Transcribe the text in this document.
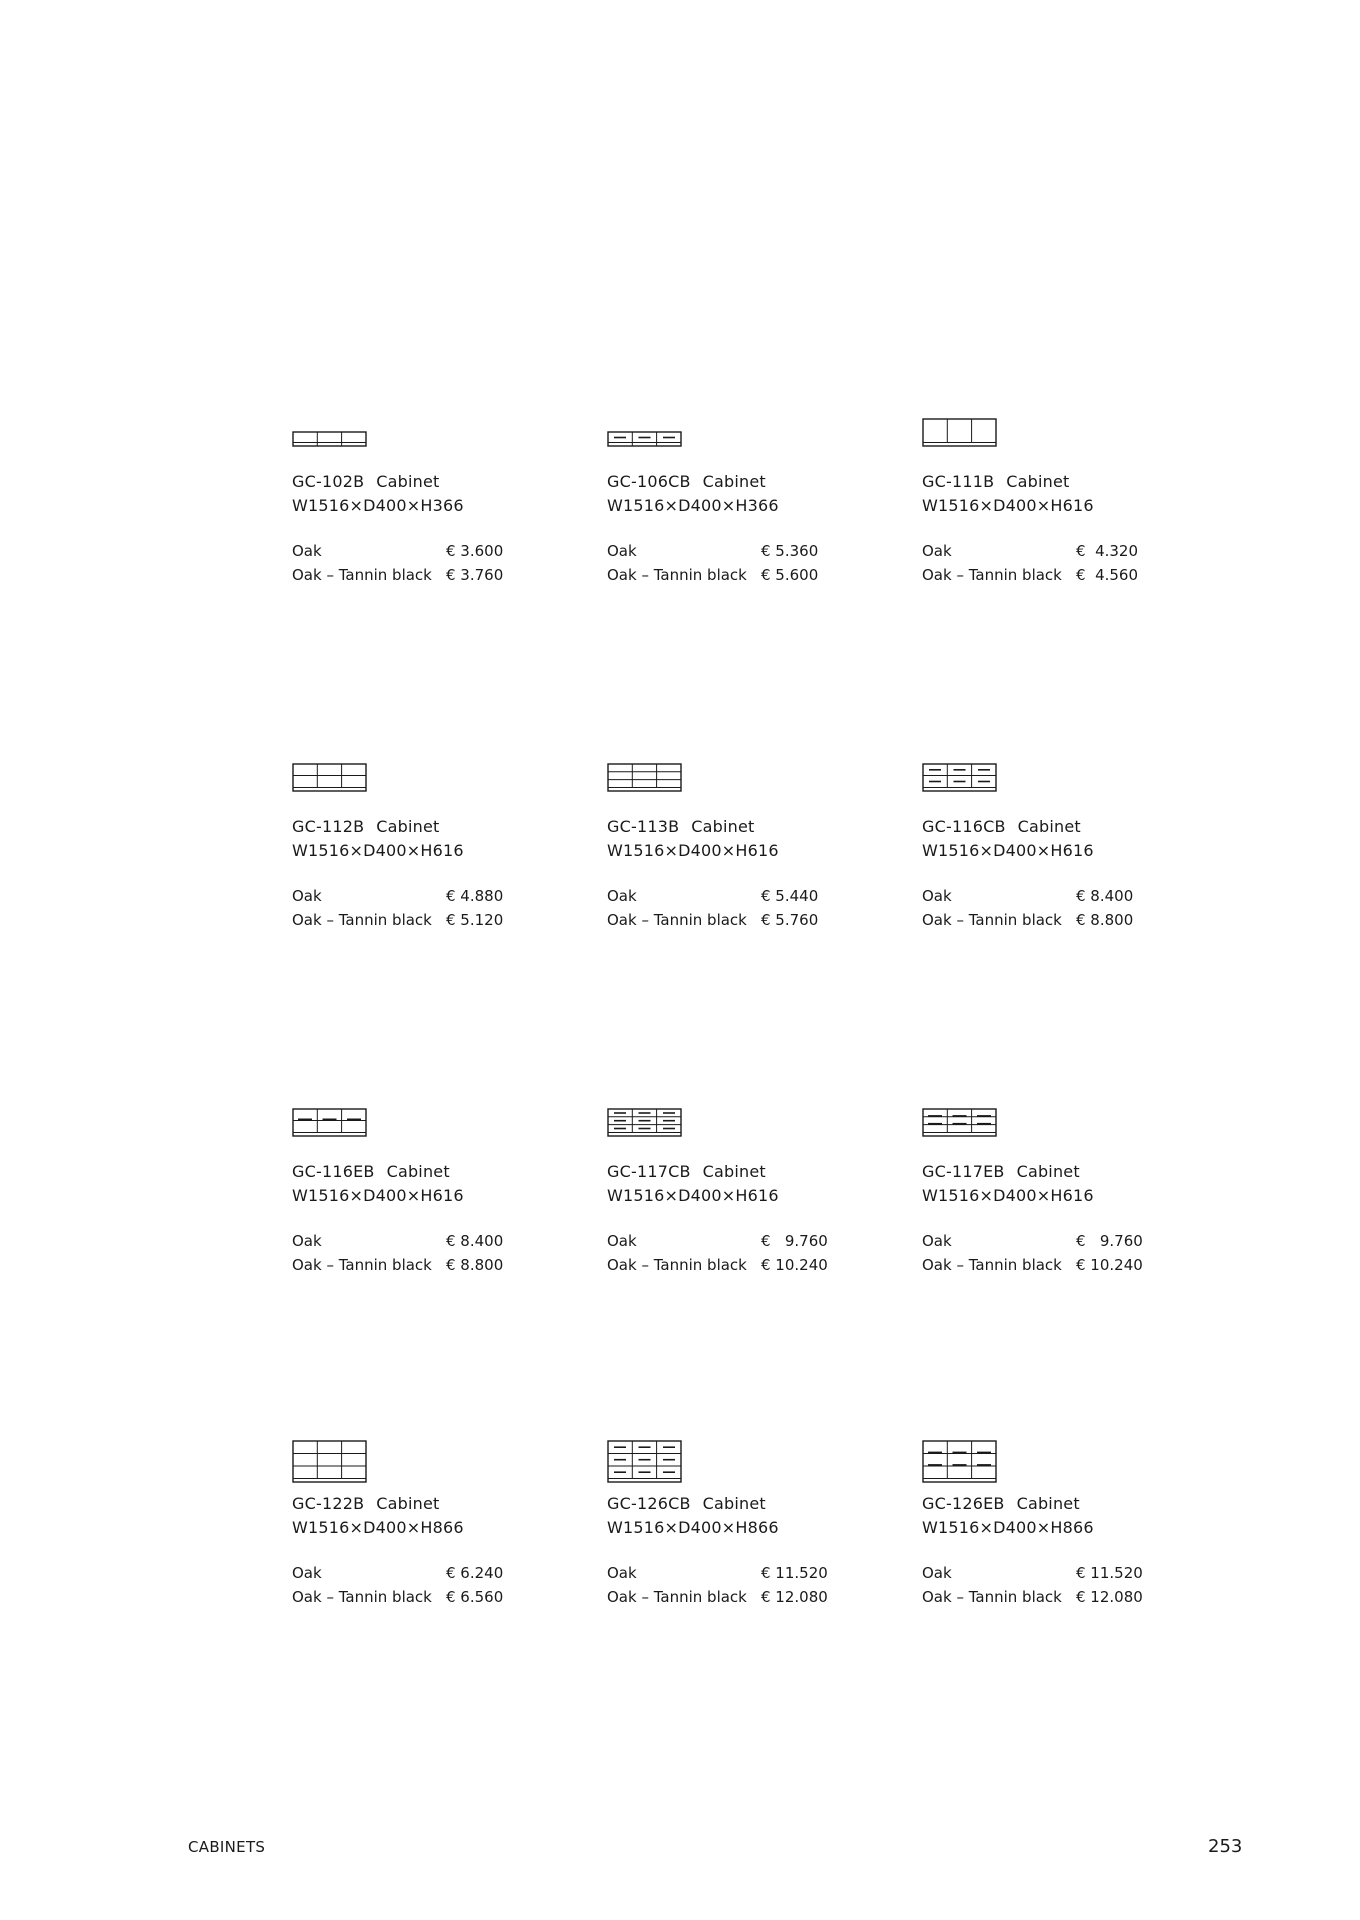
GC-102B Cabinet
W1516×D400×H366
Oak	€ 3.600
Oak – Tannin black € 3.760
GC-106CB Cabinet
W1516×D400×H366
Oak	€ 5.360
Oak – Tannin black € 5.600
GC-111B Cabinet
W1516×D400×H616
Oak	€  4.320
Oak – Tannin black €  4.560
GC-112B Cabinet
W1516×D400×H616
Oak	€ 4.880
Oak – Tannin black € 5.120
GC-113B Cabinet
W1516×D400×H616
Oak	€ 5.440
Oak – Tannin black € 5.760
GC-116CB Cabinet
W1516×D400×H616
Oak	€ 8.400
Oak – Tannin black € 8.800
GC-116EB Cabinet
W1516×D400×H616
Oak	€ 8.400
Oak – Tannin black € 8.800
GC-117CB Cabinet
W1516×D400×H616
Oak	€   9.760
Oak – Tannin black € 10.240
GC-117EB Cabinet
W1516×D400×H616
Oak	€   9.760
Oak – Tannin black € 10.240
GC-122B Cabinet
W1516×D400×H866
Oak	€ 6.240
Oak – Tannin black € 6.560
GC-126CB Cabinet
W1516×D400×H866
Oak	€ 11.520
Oak – Tannin black € 12.080
GC-126EB Cabinet
W1516×D400×H866
Oak	€ 11.520
Oak – Tannin black € 12.080
CABINETS	253
